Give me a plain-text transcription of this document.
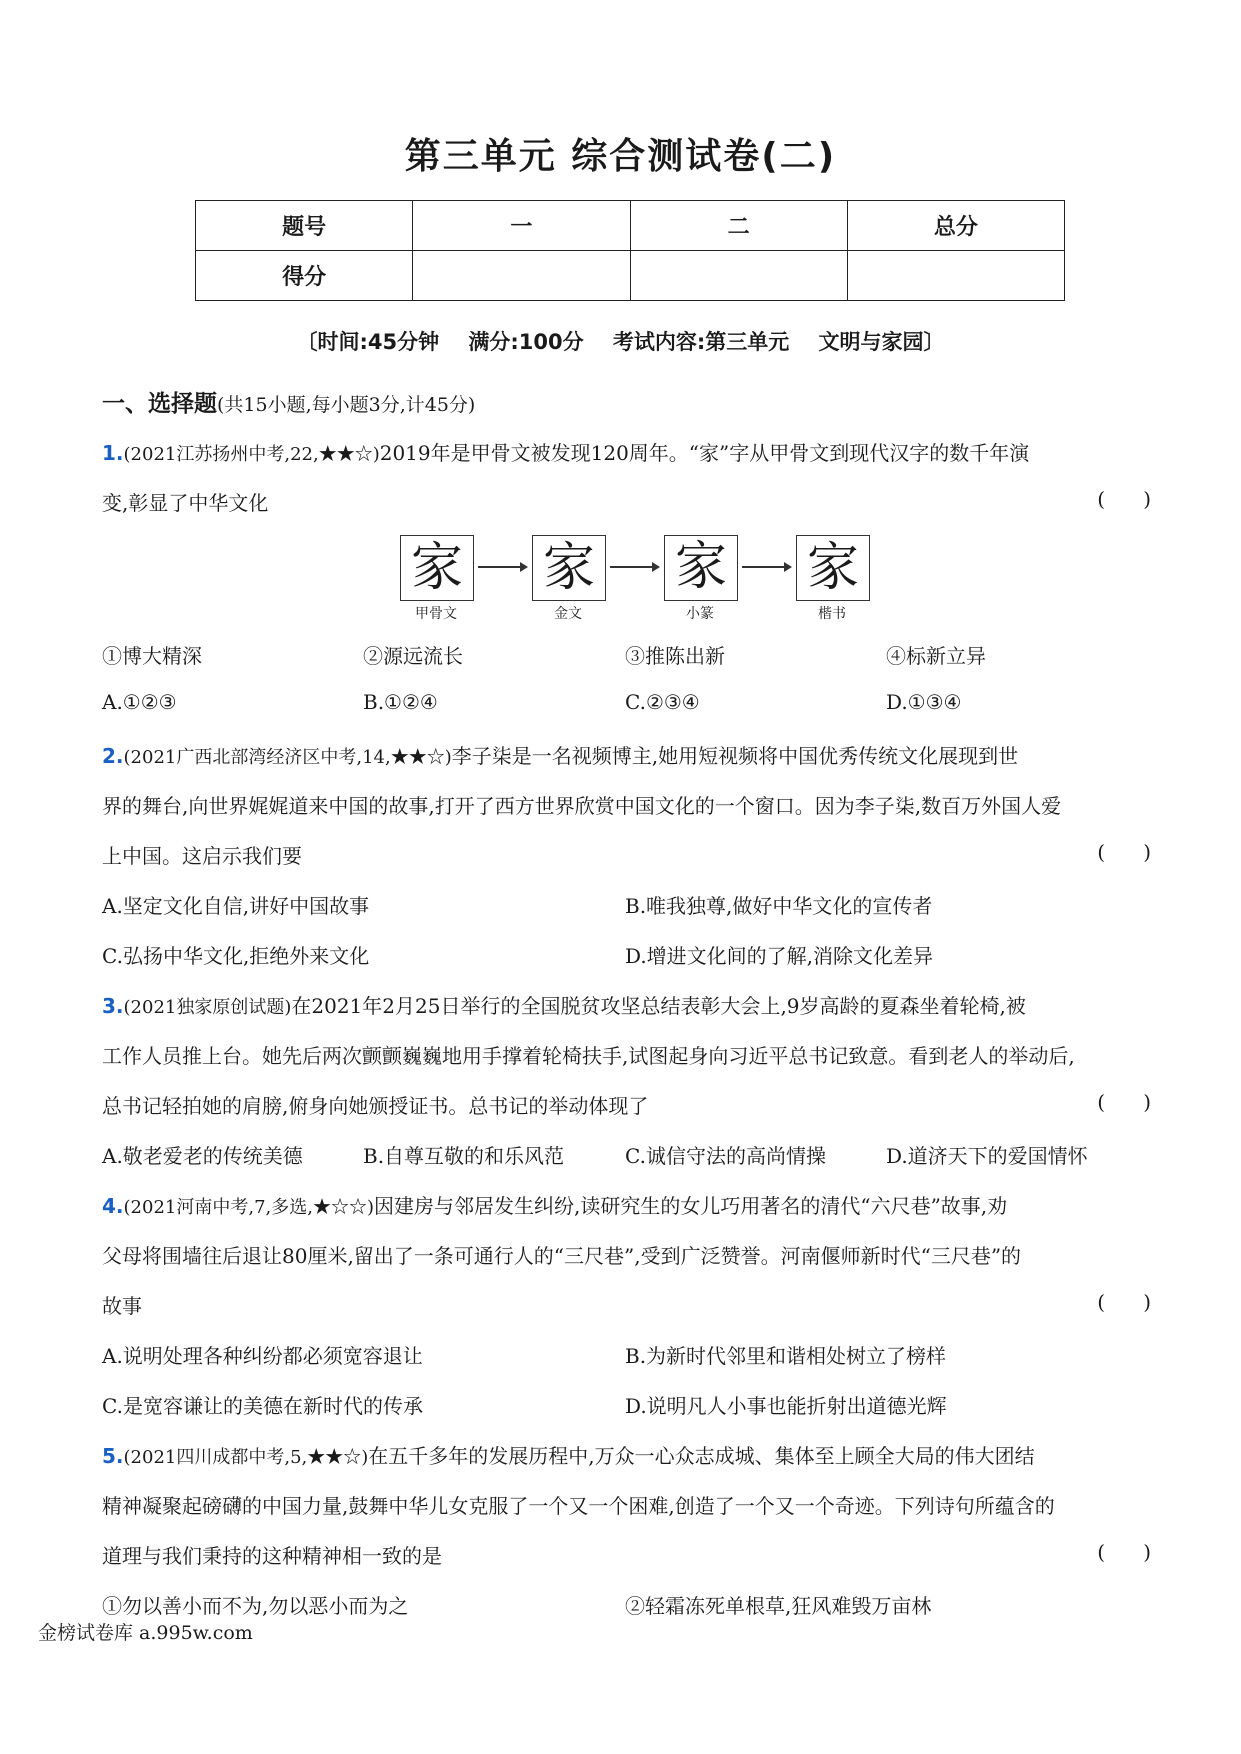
第三单元 综合测试卷(二)
题号	一	二	总分
得分			
〔时间:45分钟    满分:100分    考试内容:第三单元    文明与家园〕
一、选择题(共15小题,每小题3分,计45分)
1.(2021江苏扬州中考,22,★★☆)2019年是甲骨文被发现120周年。“家”字从甲骨文到现代汉字的数千年演
变,彰显了中华文化	(      )
家
甲骨文
家
金文
家
小篆
家
楷书
①博大精深	②源远流长	③推陈出新	④标新立异
A.①②③	B.①②④	C.②③④	D.①③④
2.(2021广西北部湾经济区中考,14,★★☆)李子柒是一名视频博主,她用短视频将中国优秀传统文化展现到世
界的舞台,向世界娓娓道来中国的故事,打开了西方世界欣赏中国文化的一个窗口。因为李子柒,数百万外国人爱
上中国。这启示我们要	(      )
A.坚定文化自信,讲好中国故事	B.唯我独尊,做好中华文化的宣传者
C.弘扬中华文化,拒绝外来文化	D.增进文化间的了解,消除文化差异
3.(2021独家原创试题)在2021年2月25日举行的全国脱贫攻坚总结表彰大会上,9岁高龄的夏森坐着轮椅,被
工作人员推上台。她先后两次颤颤巍巍地用手撑着轮椅扶手,试图起身向习近平总书记致意。看到老人的举动后,
总书记轻拍她的肩膀,俯身向她颁授证书。总书记的举动体现了	(      )
A.敬老爱老的传统美德	B.自尊互敬的和乐风范	C.诚信守法的高尚情操	D.道济天下的爱国情怀
4.(2021河南中考,7,多选,★☆☆)因建房与邻居发生纠纷,读研究生的女儿巧用著名的清代“六尺巷”故事,劝
父母将围墙往后退让80厘米,留出了一条可通行人的“三尺巷”,受到广泛赞誉。河南偃师新时代“三尺巷”的
故事	(      )
A.说明处理各种纠纷都必须宽容退让	B.为新时代邻里和谐相处树立了榜样
C.是宽容谦让的美德在新时代的传承	D.说明凡人小事也能折射出道德光辉
5.(2021四川成都中考,5,★★☆)在五千多年的发展历程中,万众一心众志成城、集体至上顾全大局的伟大团结
精神凝聚起磅礴的中国力量,鼓舞中华儿女克服了一个又一个困难,创造了一个又一个奇迹。下列诗句所蕴含的
道理与我们秉持的这种精神相一致的是	(      )
①勿以善小而不为,勿以恶小而为之	②轻霜冻死单根草,狂风难毁万亩林
金榜试卷库 a.995w.com
